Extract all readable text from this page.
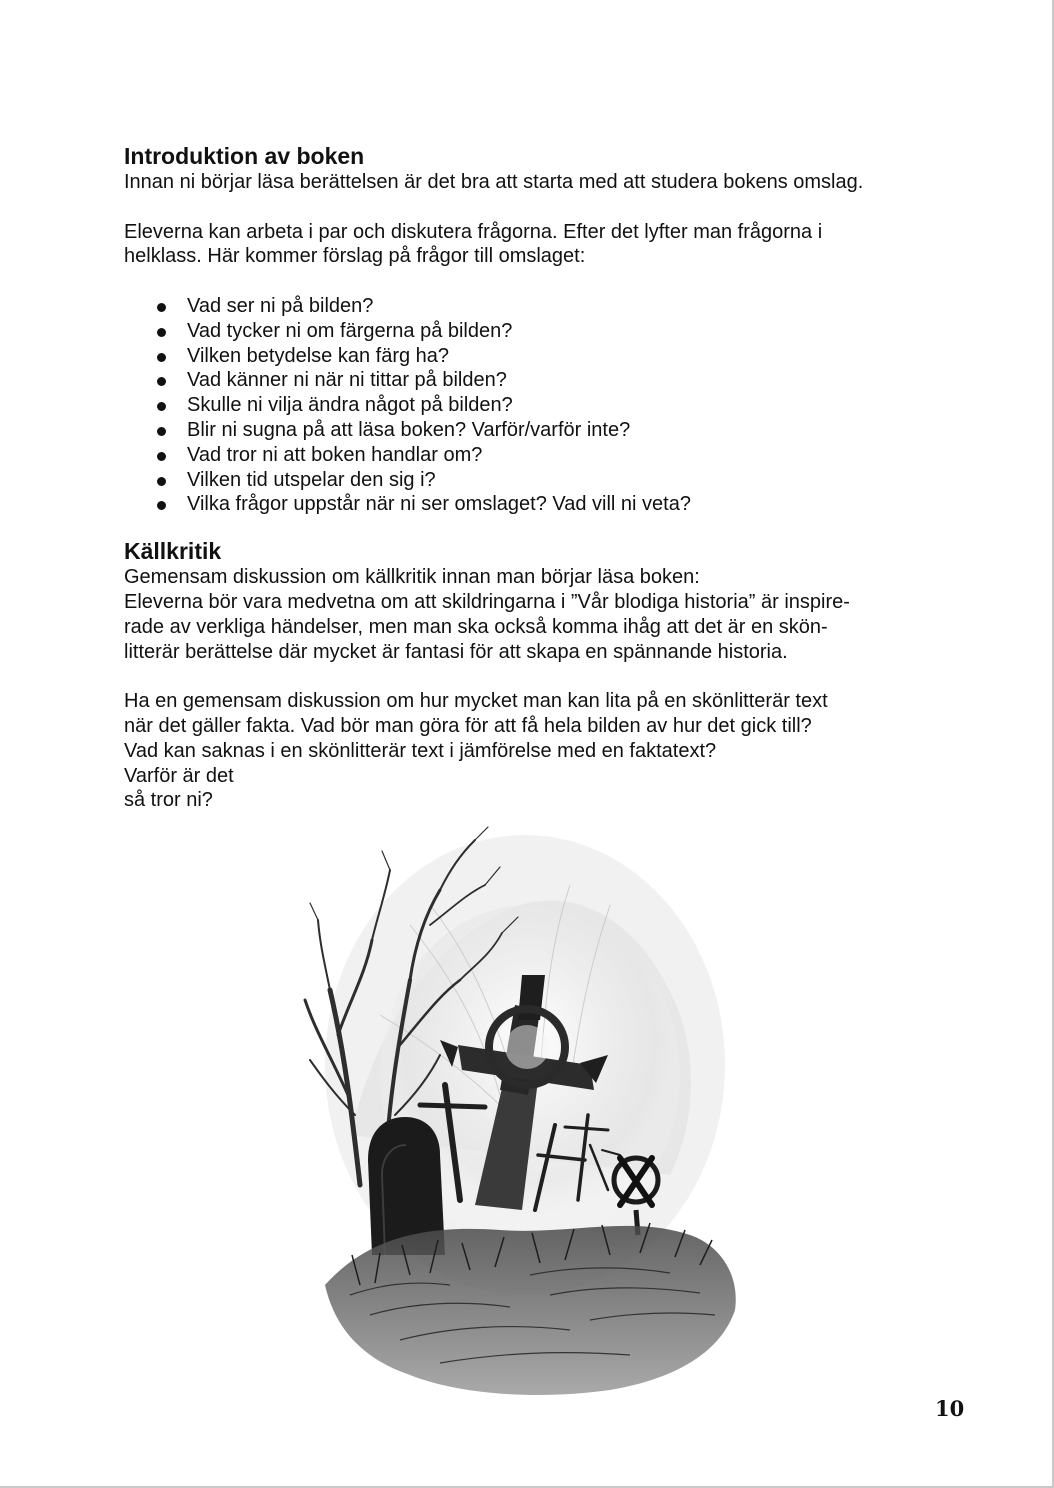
Introduktion av boken

Innan ni börjar läsa berättelsen är det bra att starta med att studera bokens omslag.

Eleverna kan arbeta i par och diskutera frågorna. Efter det lyfter man frågorna i

helklass. Här kommer förslag på frågor till omslaget:

Vad ser ni på bilden?
Vad tycker ni om färgerna på bilden?
Vilken betydelse kan färg ha?
Vad känner ni när ni tittar på bilden?
Skulle ni vilja ändra något på bilden?
Blir ni sugna på att läsa boken? Varför/varför inte?
Vad tror ni att boken handlar om?
Vilken tid utspelar den sig i?
Vilka frågor uppstår när ni ser omslaget? Vad vill ni veta?
Källkritik

Gemensam diskussion om källkritik innan man börjar läsa boken:

Eleverna bör vara medvetna om att skildringarna i ”Vår blodiga historia” är inspire-

rade av verkliga händelser, men man ska också komma ihåg att det är en skön-

litterär berättelse där mycket är fantasi för att skapa en spännande historia.

Ha en gemensam diskussion om hur mycket man kan lita på en skönlitterär text

när det gäller fakta. Vad bör man göra för att få hela bilden av hur det gick till?

Vad kan saknas i en skönlitterär text i jämförelse med en faktatext?

Varför är det

så tror ni?

10
